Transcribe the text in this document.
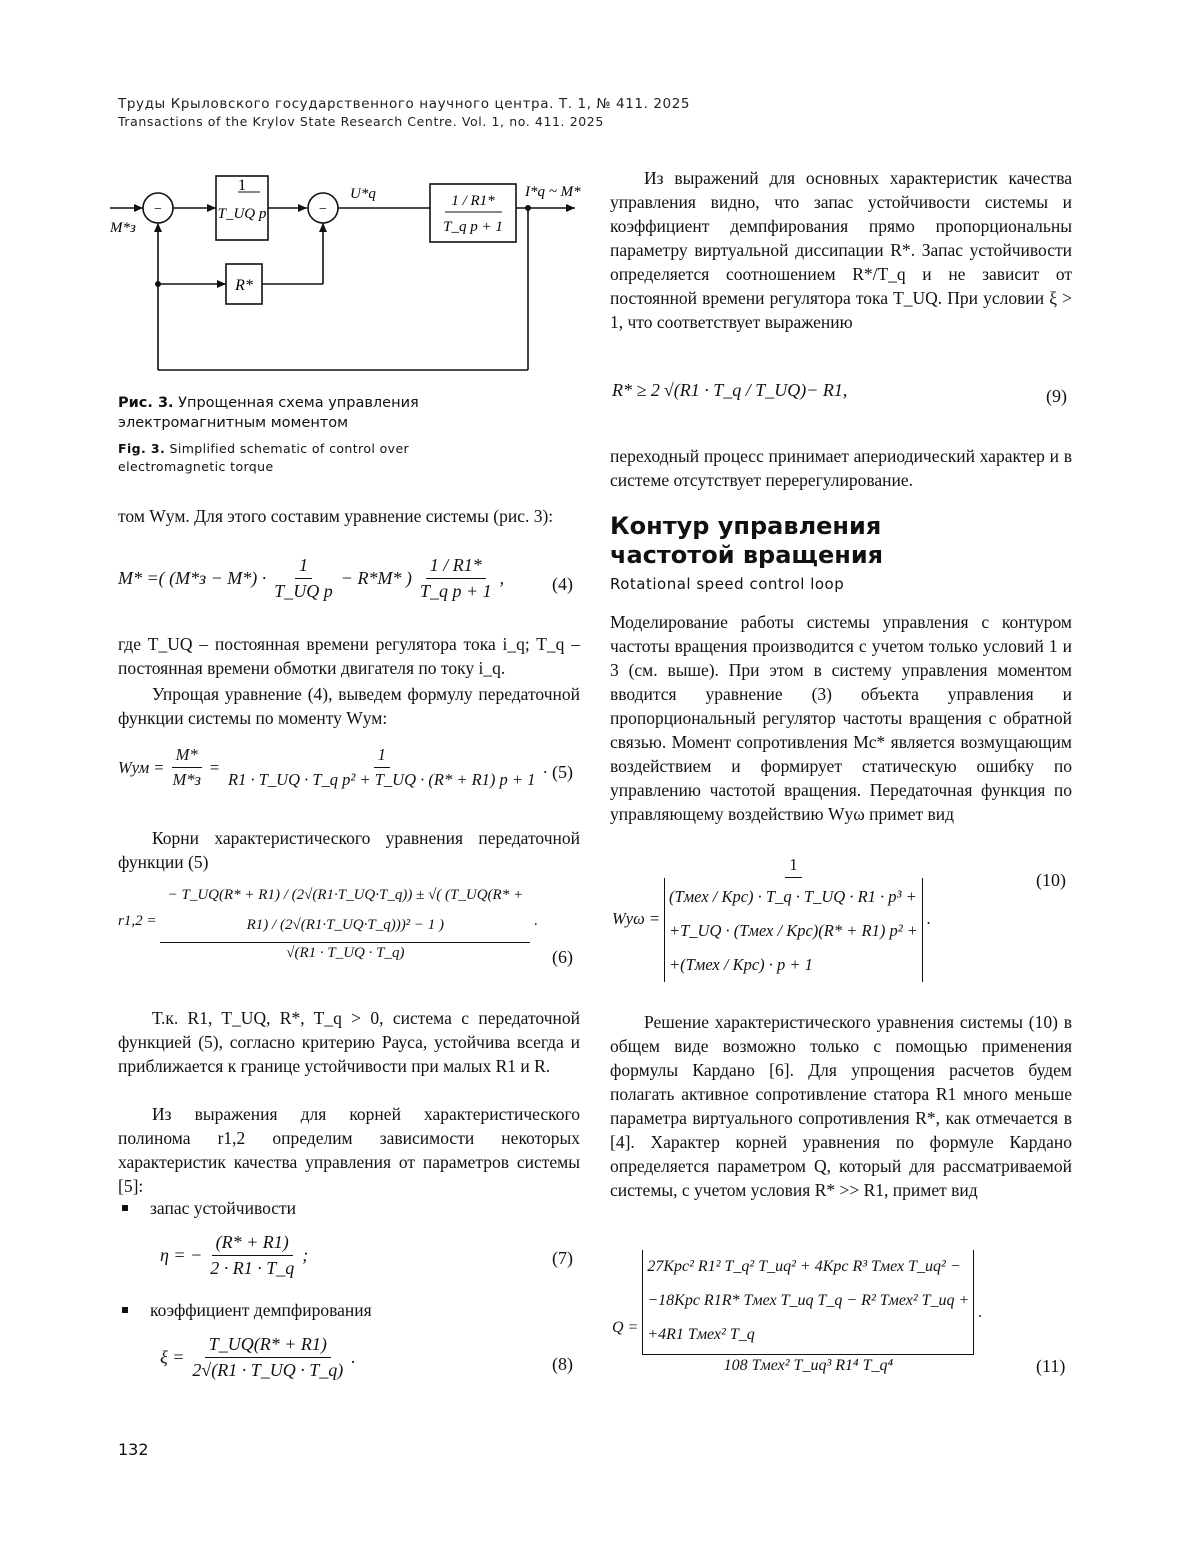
Труды Крыловского государственного научного центра. Т. 1, № 411. 2025
Transactions of the Krylov State Research Centre. Vol. 1, no. 411. 2025
−	−
1
T_UQ p
1 / R1*
T_q p + 1
R*
M*з
U*q	I*q ~ M*
Рис. 3. Упрощенная схема управления электромагнитным моментом
Fig. 3. Simplified schematic of control over electromagnetic torque
том Wум. Для этого составим уравнение системы (рис. 3):
M* = ( (M*з − M*) ·
1
T_UQ p
− R*M* )
1 / R1*
T_q p + 1
,	(4)
где T_UQ – постоянная времени регулятора тока i_q; T_q – постоянная времени обмотки двигателя по току i_q.
Упрощая уравнение (4), выведем формулу передаточной функции системы по моменту Wум:
Wум =
M*
M*з
=
1
R1 · T_UQ · T_q p² + T_UQ · (R* + R1) p + 1
. (5)
Корни характеристического уравнения передаточной функции (5)
r1,2 =
− T_UQ(R* + R1) / (2√(R1·T_UQ·T_q)) ± √( (T_UQ(R* + R1) / (2√(R1·T_UQ·T_q)))² − 1 )
√(R1 · T_UQ · T_q)
.
(6)
Т.к. R1, T_UQ, R*, T_q > 0, система с передаточной функцией (5), согласно критерию Рауса, устойчива всегда и приближается к границе устойчивости при малых R1 и R.
Из выражения для корней характеристического полинома r1,2 определим зависимости некоторых характеристик качества управления от параметров системы [5]:
запас устойчивости
η = −
(R* + R1)
2 · R1 · T_q
;	(7)
коэффициент демпфирования
ξ =
T_UQ(R* + R1)
2√(R1 · T_UQ · T_q)
.	(8)
132
Из выражений для основных характеристик качества управления видно, что запас устойчивости системы и коэффициент демпфирования прямо пропорциональны параметру виртуальной диссипации R*. Запас устойчивости определяется соотношением R*/T_q и не зависит от постоянной времени регулятора тока T_UQ. При условии ξ > 1, что соответствует выражению
R* ≥ 2 √(R1 · T_q / T_UQ) − R1,	(9)
переходный процесс принимает апериодический характер и в системе отсутствует перерегулирование.
Контур управления частотой вращения
Rotational speed control loop
Моделирование работы системы управления с контуром частоты вращения производится с учетом только условий 1 и 3 (см. выше). При этом в систему управления моментом вводится уравнение (3) объекта управления и пропорциональный регулятор частоты вращения с обратной связью. Момент сопротивления Mc* является возмущающим воздействием и формирует статическую ошибку по управлению частотой вращения. Передаточная функция по управляющему воздействию Wуω примет вид
Wуω =
1
(Tмех / Kрс) · T_q · T_UQ · R1 · p³ +
+T_UQ · (Tмех / Kрс)(R* + R1) p² +
+(Tмех / Kрс) · p + 1
.
(10)
Решение характеристического уравнения системы (10) в общем виде возможно только с помощью применения формулы Кардано [6]. Для упрощения расчетов будем полагать активное сопротивление статора R1 много меньше параметра виртуального сопротивления R*, как отмечается в [4]. Характер корней уравнения по формуле Кардано определяется параметром Q, который для рассматриваемой системы, с учетом условия R* >> R1, примет вид
Q =
27Kрс² R1² T_q² T_uq² + 4Kрс R³ Tмех T_uq² −
−18Kрс R1R* Tмех T_uq T_q − R² Tмех² T_uq +
+4R1 Tмех² T_q
108 Tмех² T_uq³ R1⁴ T_q⁴
.
(11)
